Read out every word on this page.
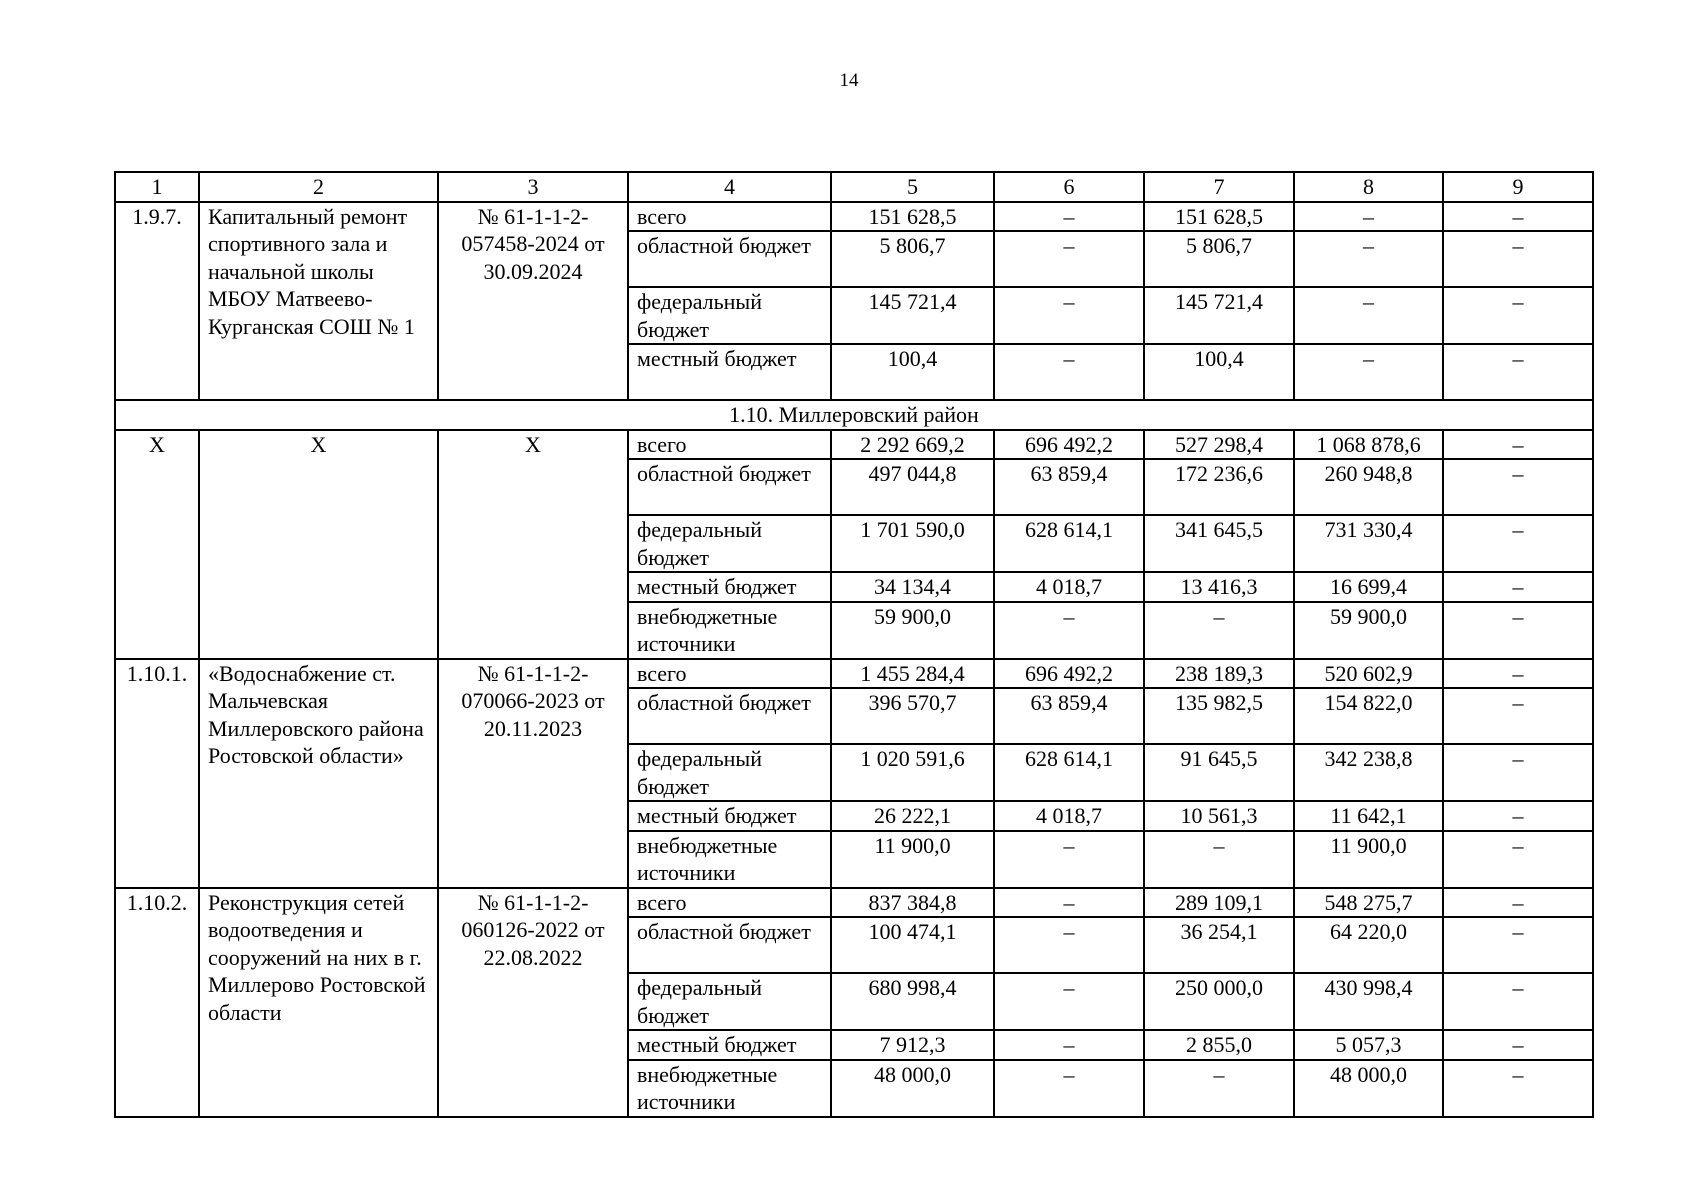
14
1	2	3	4	5	6	7	8	9
1.9.7.	Капитальный ремонт спортивного зала и начальной школы МБОУ Матвеево-Курганская СОШ № 1	№ 61-1-1-2-057458-2024 от 30.09.2024	всего	151 628,5	–	151 628,5	–	–
			областной бюджет	5 806,7	–	5 806,7	–	–
			федеральный бюджет	145 721,4	–	145 721,4	–	–
			местный бюджет	100,4	–	100,4	–	–
1.10. Миллеровский район								
Х	Х	Х	всего	2 292 669,2	696 492,2	527 298,4	1 068 878,6	–
			областной бюджет	497 044,8	63 859,4	172 236,6	260 948,8	–
			федеральный бюджет	1 701 590,0	628 614,1	341 645,5	731 330,4	–
			местный бюджет	34 134,4	4 018,7	13 416,3	16 699,4	–
			внебюджетные источники	59 900,0	–	–	59 900,0	–
1.10.1.	«Водоснабжение ст. Мальчевская Миллеровского района Ростовской области»	№ 61-1-1-2-070066-2023 от 20.11.2023	всего	1 455 284,4	696 492,2	238 189,3	520 602,9	–
			областной бюджет	396 570,7	63 859,4	135 982,5	154 822,0	–
			федеральный бюджет	1 020 591,6	628 614,1	91 645,5	342 238,8	–
			местный бюджет	26 222,1	4 018,7	10 561,3	11 642,1	–
			внебюджетные источники	11 900,0	–	–	11 900,0	–
1.10.2.	Реконструкция сетей водоотведения и сооружений на них в г. Миллерово Ростовской области	№ 61-1-1-2-060126-2022 от 22.08.2022	всего	837 384,8	–	289 109,1	548 275,7	–
			областной бюджет	100 474,1	–	36 254,1	64 220,0	–
			федеральный бюджет	680 998,4	–	250 000,0	430 998,4	–
			местный бюджет	7 912,3	–	2 855,0	5 057,3	–
			внебюджетные источники	48 000,0	–	–	48 000,0	–
